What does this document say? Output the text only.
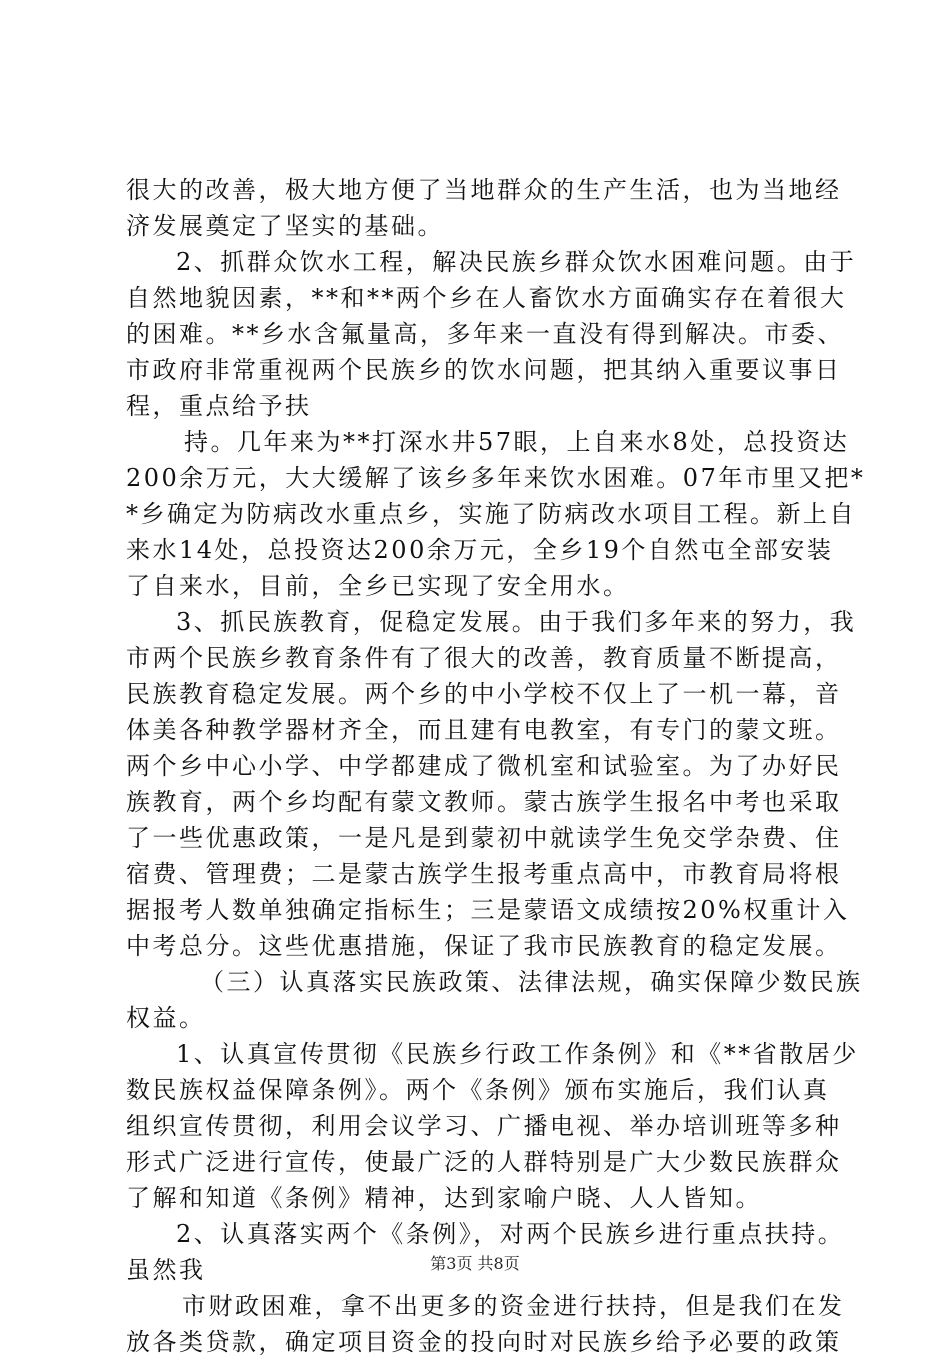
很大的改善，极大地方便了当地群众的生产生活，也为当地经
济发展奠定了坚实的基础。
2、抓群众饮水工程，解决民族乡群众饮水困难问题。由于
自然地貌因素，**和**两个乡在人畜饮水方面确实存在着很大
的困难。**乡水含氟量高，多年来一直没有得到解决。市委、
市政府非常重视两个民族乡的饮水问题，把其纳入重要议事日
程，重点给予扶
持。几年来为**打深水井57眼，上自来水8处，总投资达
200余万元，大大缓解了该乡多年来饮水困难。07年市里又把*
*乡确定为防病改水重点乡，实施了防病改水项目工程。新上自
来水14处，总投资达200余万元，全乡19个自然屯全部安装
了自来水，目前，全乡已实现了安全用水。
3、抓民族教育，促稳定发展。由于我们多年来的努力，我
市两个民族乡教育条件有了很大的改善，教育质量不断提高，
民族教育稳定发展。两个乡的中小学校不仅上了一机一幕，音
体美各种教学器材齐全，而且建有电教室，有专门的蒙文班。
两个乡中心小学、中学都建成了微机室和试验室。为了办好民
族教育，两个乡均配有蒙文教师。蒙古族学生报名中考也采取
了一些优惠政策，一是凡是到蒙初中就读学生免交学杂费、住
宿费、管理费；二是蒙古族学生报考重点高中，市教育局将根
据报考人数单独确定指标生；三是蒙语文成绩按20%权重计入
中考总分。这些优惠措施，保证了我市民族教育的稳定发展。
（三）认真落实民族政策、法律法规，确实保障少数民族
权益。
1、认真宣传贯彻《民族乡行政工作条例》和《**省散居少
数民族权益保障条例》。两个《条例》颁布实施后，我们认真
组织宣传贯彻，利用会议学习、广播电视、举办培训班等多种
形式广泛进行宣传，使最广泛的人群特别是广大少数民族群众
了解和知道《条例》精神，达到家喻户晓、人人皆知。
2、认真落实两个《条例》，对两个民族乡进行重点扶持。
虽然我
市财政困难，拿不出更多的资金进行扶持，但是我们在发
放各类贷款，确定项目资金的投向时对民族乡给予必要的政策
第3页 共8页
